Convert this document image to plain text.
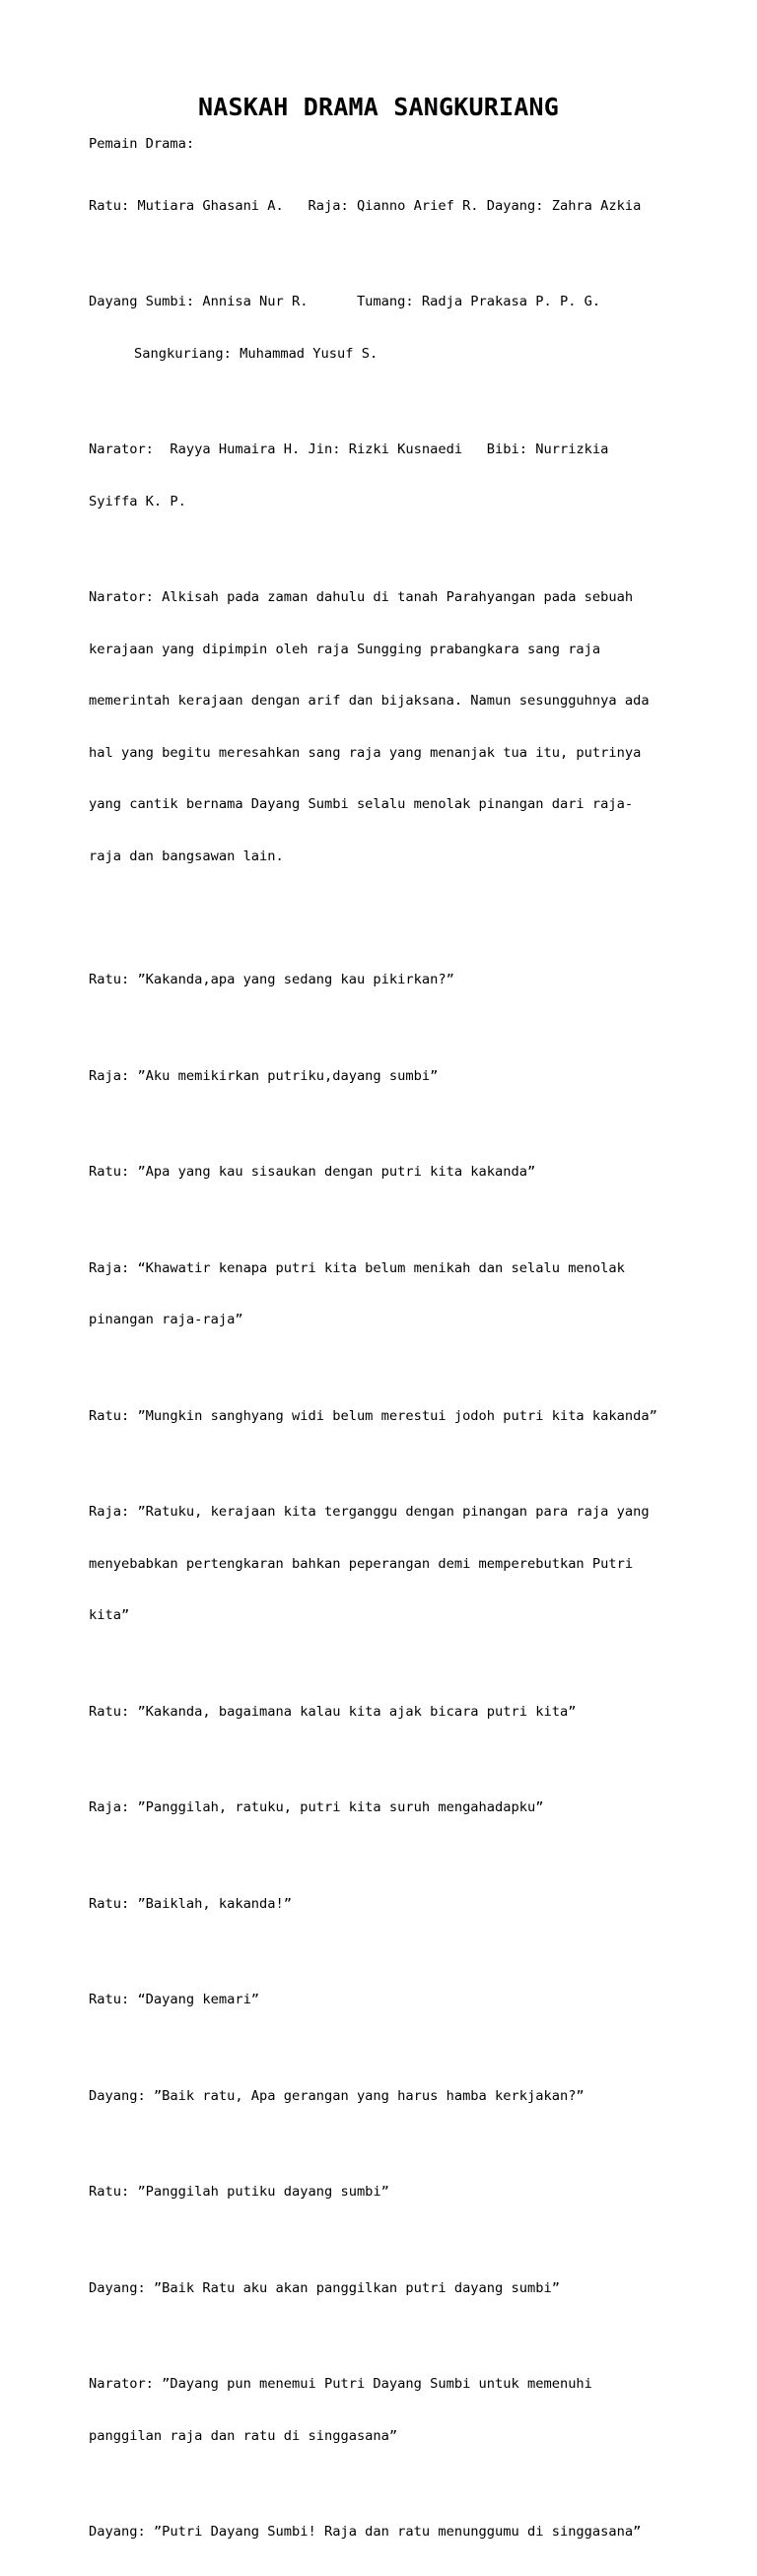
NASKAH DRAMA SANGKURIANG
Pemain Drama:

Ratu: Mutiara Ghasani A.   Raja: Qianno Arief R. Dayang: Zahra Azkia

Dayang Sumbi: Annisa Nur R.      Tumang: Radja Prakasa P. P. G.

Sangkuriang: Muhammad Yusuf S.

Narator:  Rayya Humaira H. Jin: Rizki Kusnaedi   Bibi: Nurrizkia

Syiffa K. P.

Narator: Alkisah pada zaman dahulu di tanah Parahyangan pada sebuah

kerajaan yang dipimpin oleh raja Sungging prabangkara sang raja

memerintah kerajaan dengan arif dan bijaksana. Namun sesungguhnya ada

hal yang begitu meresahkan sang raja yang menanjak tua itu, putrinya

yang cantik bernama Dayang Sumbi selalu menolak pinangan dari raja-

raja dan bangsawan lain.

Ratu: ”Kakanda,apa yang sedang kau pikirkan?”

Raja: ”Aku memikirkan putriku,dayang sumbi”

Ratu: ”Apa yang kau sisaukan dengan putri kita kakanda”

Raja: “Khawatir kenapa putri kita belum menikah dan selalu menolak

pinangan raja-raja”

Ratu: ”Mungkin sanghyang widi belum merestui jodoh putri kita kakanda”

Raja: ”Ratuku, kerajaan kita terganggu dengan pinangan para raja yang

menyebabkan pertengkaran bahkan peperangan demi memperebutkan Putri

kita”

Ratu: ”Kakanda, bagaimana kalau kita ajak bicara putri kita”

Raja: ”Panggilah, ratuku, putri kita suruh mengahadapku”

Ratu: ”Baiklah, kakanda!”

Ratu: “Dayang kemari”

Dayang: ”Baik ratu, Apa gerangan yang harus hamba kerkjakan?”

Ratu: ”Panggilah putiku dayang sumbi”

Dayang: ”Baik Ratu aku akan panggilkan putri dayang sumbi”

Narator: ”Dayang pun menemui Putri Dayang Sumbi untuk memenuhi

panggilan raja dan ratu di singgasana”

Dayang: ”Putri Dayang Sumbi! Raja dan ratu menunggumu di singgasana”
